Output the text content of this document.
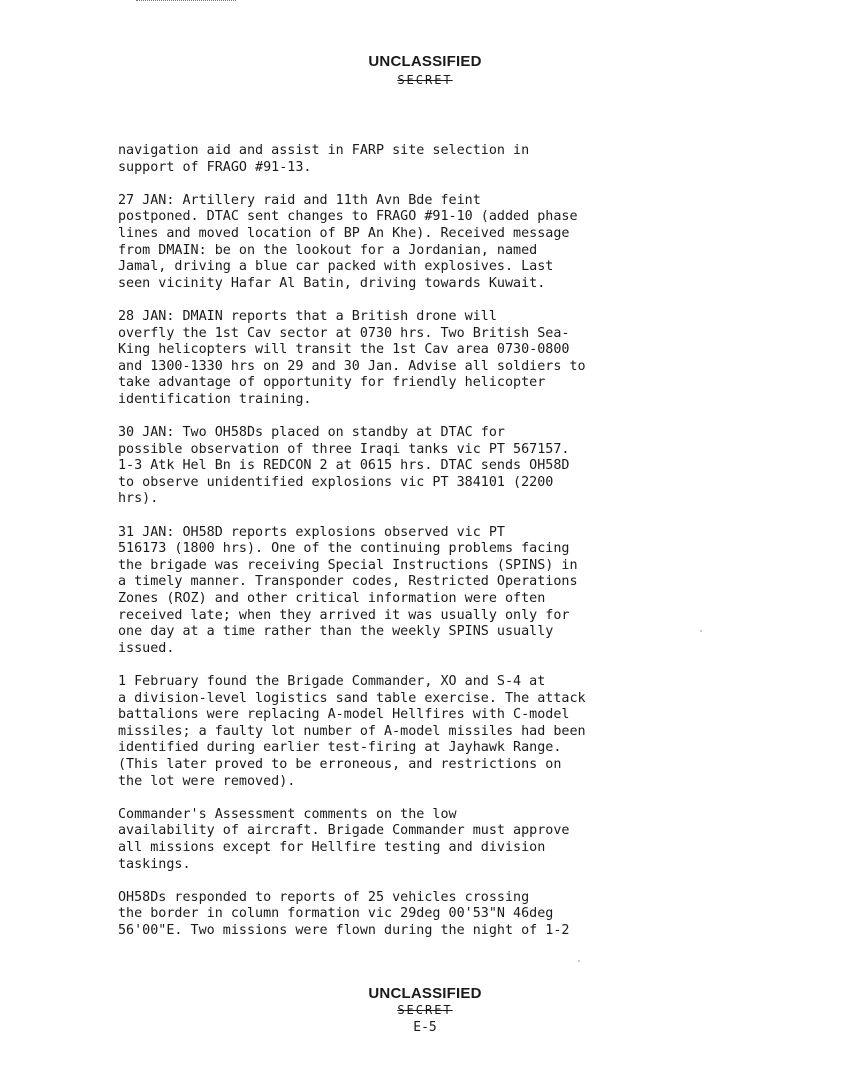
UNCLASSIFIED
SECRET

navigation aid and assist in FARP site selection in
support of FRAGO #91-13.

27 JAN: Artillery raid and 11th Avn Bde feint
postponed. DTAC sent changes to FRAGO #91-10 (added phase
lines and moved location of BP An Khe). Received message
from DMAIN: be on the lookout for a Jordanian, named
Jamal, driving a blue car packed with explosives. Last
seen vicinity Hafar Al Batin, driving towards Kuwait.

28 JAN: DMAIN reports that a British drone will
overfly the 1st Cav sector at 0730 hrs. Two British Sea-
King helicopters will transit the 1st Cav area 0730-0800
and 1300-1330 hrs on 29 and 30 Jan. Advise all soldiers to
take advantage of opportunity for friendly helicopter
identification training.

30 JAN: Two OH58Ds placed on standby at DTAC for
possible observation of three Iraqi tanks vic PT 567157.
1-3 Atk Hel Bn is REDCON 2 at 0615 hrs. DTAC sends OH58D
to observe unidentified explosions vic PT 384101 (2200
hrs).

31 JAN: OH58D reports explosions observed vic PT
516173 (1800 hrs). One of the continuing problems facing
the brigade was receiving Special Instructions (SPINS) in
a timely manner. Transponder codes, Restricted Operations
Zones (ROZ) and other critical information were often
received late; when they arrived it was usually only for
one day at a time rather than the weekly SPINS usually
issued.

1 February found the Brigade Commander, XO and S-4 at
a division-level logistics sand table exercise. The attack
battalions were replacing A-model Hellfires with C-model
missiles; a faulty lot number of A-model missiles had been
identified during earlier test-firing at Jayhawk Range.
(This later proved to be erroneous, and restrictions on
the lot were removed).

Commander's Assessment comments on the low
availability of aircraft. Brigade Commander must approve
all missions except for Hellfire testing and division
taskings.

OH58Ds responded to reports of 25 vehicles crossing
the border in column formation vic 29deg 00'53"N 46deg
56'00"E. Two missions were flown during the night of 1-2

UNCLASSIFIED
SECRET
E-5
